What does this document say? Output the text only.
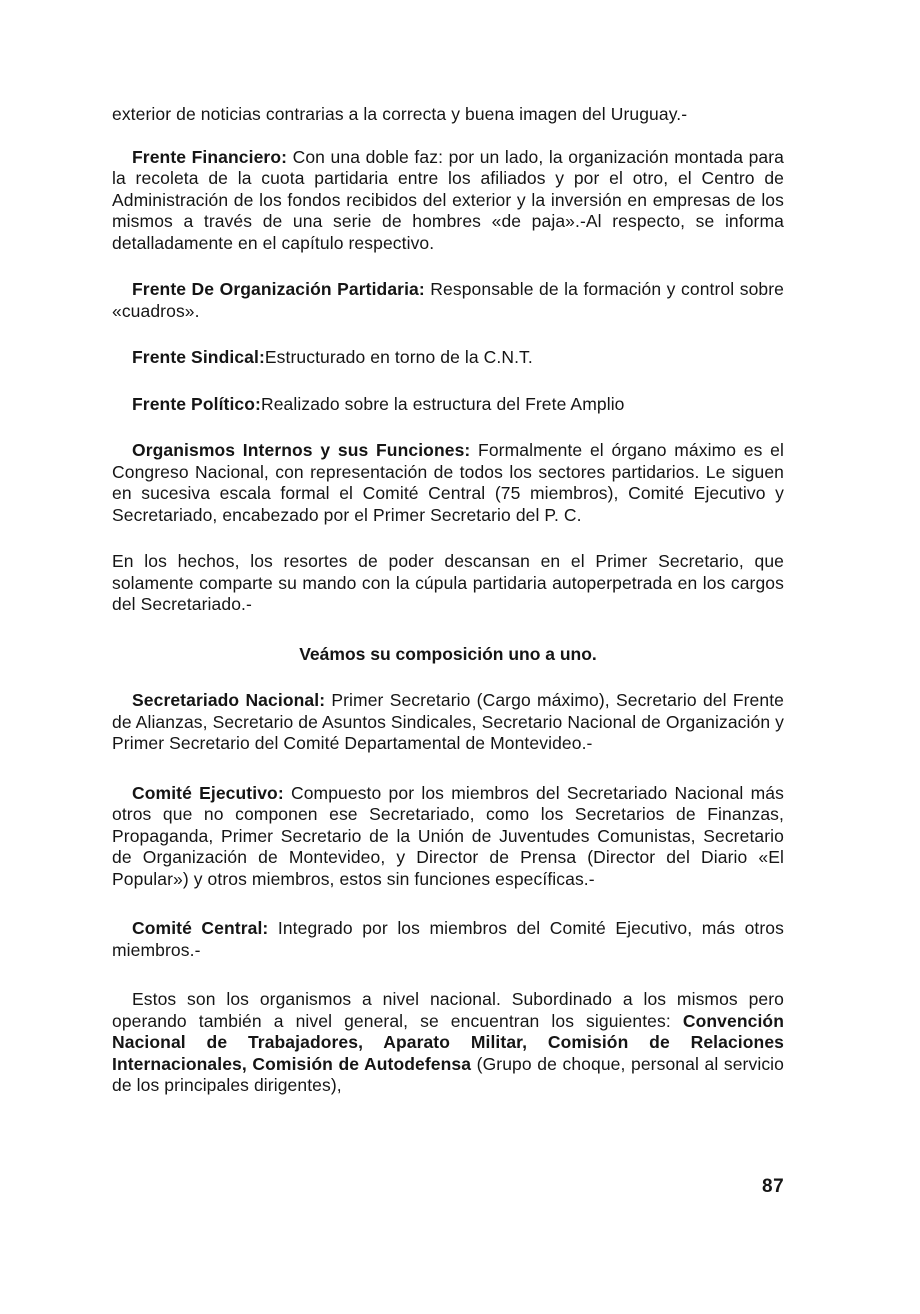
exterior de noticias contrarias a la correcta y buena imagen del Uruguay.-

Frente Financiero: Con una doble faz: por un lado, la organización montada para la recoleta de la cuota partidaria entre los afiliados y por el otro, el Centro de Administración de los fondos recibidos del exterior y la inversión en empresas de los mismos a través de una serie de hombres «de paja».-Al respecto, se informa detalladamente en el capítulo respectivo.

Frente De Organización Partidaria: Responsable de la formación y control sobre «cuadros».

Frente Sindical:Estructurado en torno de la C.N.T.

Frente Político:Realizado sobre la estructura del Frete Amplio

Organismos Internos y sus Funciones: Formalmente el órgano máximo es el Congreso Nacional, con representación de todos los sectores partidarios. Le siguen en sucesiva escala formal el Comité Central (75 miembros), Comité Ejecutivo y Secretariado, encabezado por el Primer Secretario del P. C.

En los hechos, los resortes de poder descansan en el Primer Secretario, que solamente comparte su mando con la cúpula partidaria autoperpetrada en los cargos del Secretariado.-

Veámos su composición uno a uno.

Secretariado Nacional: Primer Secretario (Cargo máximo), Secretario del Frente de Alianzas, Secretario de Asuntos Sindicales, Secretario Nacional de Organización y Primer Secretario del Comité Departamental de Montevideo.-

Comité Ejecutivo: Compuesto por los miembros del Secretariado Nacional más otros que no componen ese Secretariado, como los Secretarios de Finanzas, Propaganda, Primer Secretario de la Unión de Juventudes Comunistas, Secretario de Organización de Montevideo, y Director de Prensa (Director del Diario «El Popular») y otros miembros, estos sin funciones específicas.-

Comité Central: Integrado por los miembros del Comité Ejecutivo, más otros miembros.-

Estos son los organismos a nivel nacional. Subordinado a los mismos pero operando también a nivel general, se encuentran los siguientes: Convención Nacional de Trabajadores, Aparato Militar, Comisión de Relaciones Internacionales, Comisión de Autodefensa (Grupo de choque, personal al servicio de los principales dirigentes),

87
